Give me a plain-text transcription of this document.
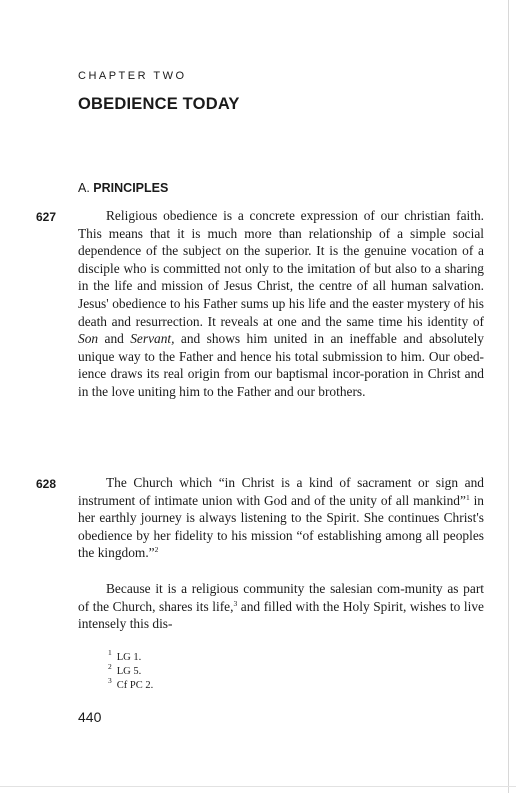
CHAPTER TWO
OBEDIENCE TODAY
A. PRINCIPLES
627	Religious obedience is a concrete expression of our christian faith. This means that it is much more than relationship of a simple social dependence of the subject on the superior. It is the genuine vocation of a disciple who is committed not only to the imitation of but also to a sharing in the life and mission of Jesus Christ, the centre of all human salvation. Jesus' obedience to his Father sums up his life and the easter mystery of his death and resurrection. It reveals at one and the same time his identity of Son and Servant, and shows him united in an ineffable and absolutely unique way to the Father and hence his total submission to him. Our obed-ience draws its real origin from our baptismal incor-poration in Christ and in the love uniting him to the Father and our brothers.

628	The Church which “in Christ is a kind of sacrament or sign and instrument of intimate union with God and of the unity of all mankind”$^1$ in her earthly journey is always listening to the Spirit. She continues Christ's obedience by her fidelity to his mission “of establishing among all peoples the kingdom.”$^2$

Because it is a religious community the salesian com-munity as part of the Church, shares its life,$^3$ and filled with the Holy Spirit, wishes to live intensely this dis-

$^1$ LG 1.
$^2$ LG 5.
$^3$ Cf PC 2.
440
